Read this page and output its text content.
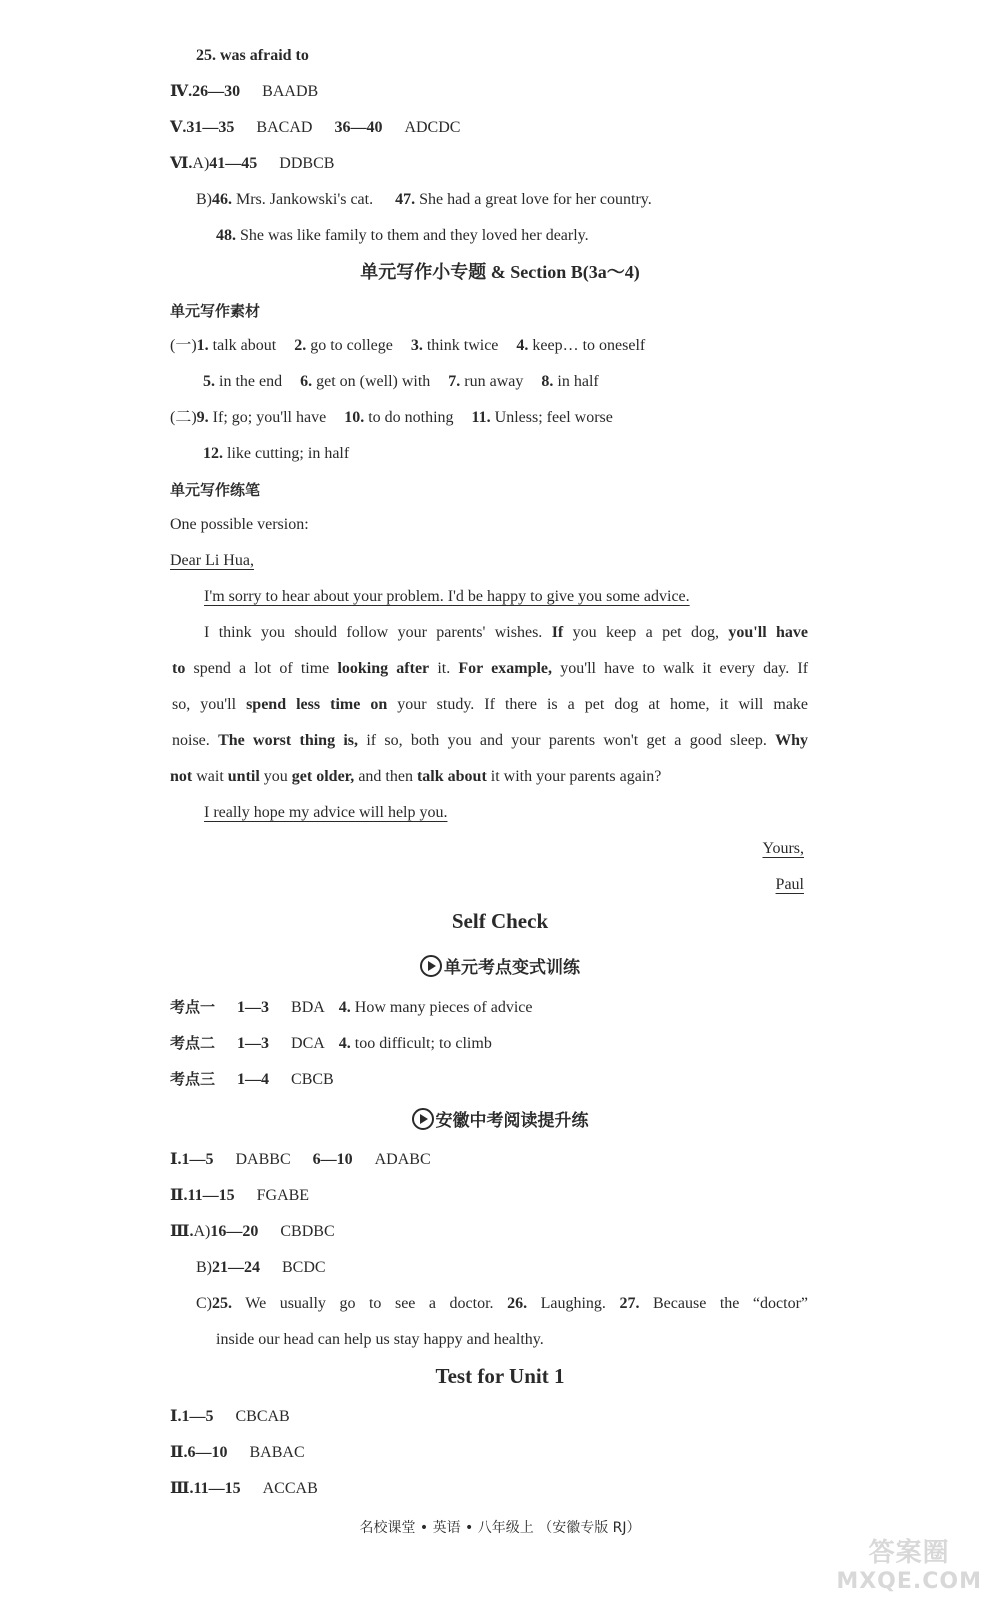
25. was afraid to
Ⅳ.26—30 BAADB
Ⅴ.31—35 BACAD 36—40 ADCDC
Ⅵ.A)41—45 DDBCB
B)46. Mrs. Jankowski's cat. 47. She had a great love for her country.
48. She was like family to them and they loved her dearly.
单元写作小专题 & Section B(3a～4)
单元写作素材
(一)1. talk about 2. go to college 3. think twice 4. keep… to oneself
5. in the end 6. get on (well) with 7. run away 8. in half
(二)9. If; go; you'll have 10. to do nothing 11. Unless; feel worse
12. like cutting; in half
单元写作练笔
One possible version:
Dear Li Hua,
I'm sorry to hear about your problem. I'd be happy to give you some advice.
I think you should follow your parents' wishes. If you keep a pet dog, you'll have
to spend a lot of time looking after it. For example, you'll have to walk it every day. If
so, you'll spend less time on your study. If there is a pet dog at home, it will make
noise. The worst thing is, if so, both you and your parents won't get a good sleep. Why
not wait until you get older, and then talk about it with your parents again?
I really hope my advice will help you.
Yours,
Paul
Self Check
单元考点变式训练
考点一 1—3 BDA 4. How many pieces of advice
考点二 1—3 DCA 4. too difficult; to climb
考点三 1—4 CBCB
安徽中考阅读提升练
Ⅰ.1—5 DABBC 6—10 ADABC
Ⅱ.11—15 FGABE
Ⅲ.A)16—20 CBDBC
B)21—24 BCDC
C)25. We usually go to see a doctor. 26. Laughing. 27. Because the “doctor”
inside our head can help us stay happy and healthy.
Test for Unit 1
Ⅰ.1—5 CBCAB
Ⅱ.6—10 BABAC
Ⅲ.11—15 ACCAB
名校课堂 • 英语 • 八年级上 （安徽专版 RJ）
答案圈
MXQE.COM
